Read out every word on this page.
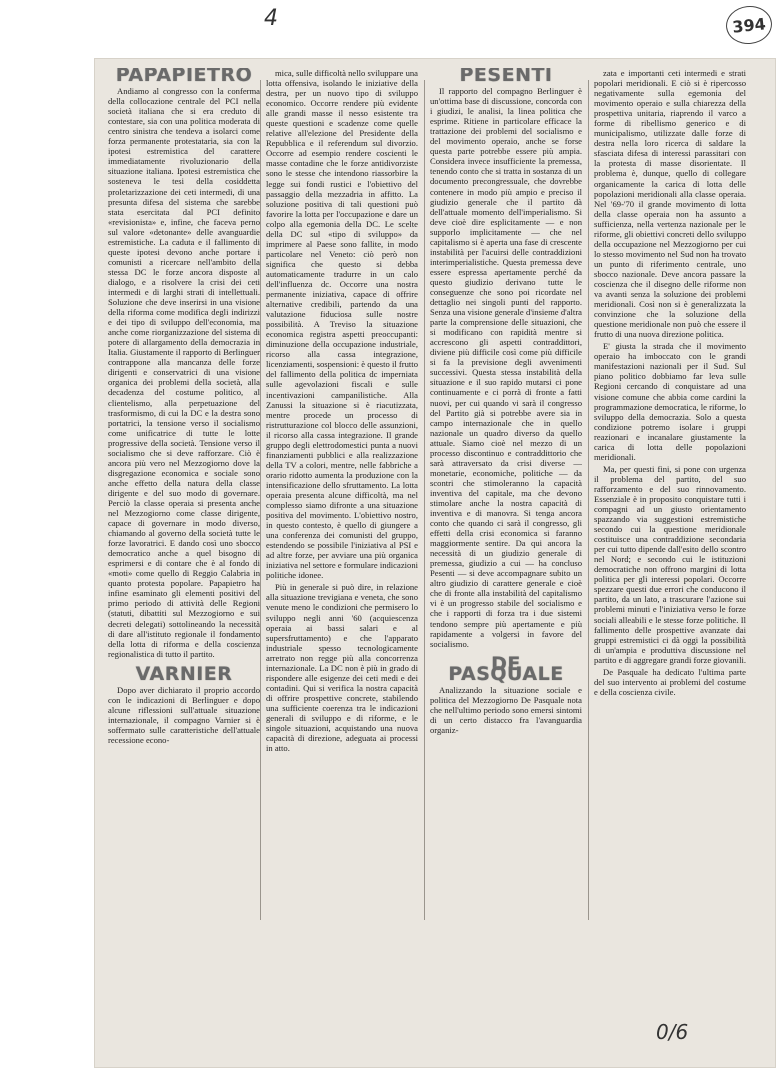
4	394
PAPAPIETRO

Andiamo al congresso con la conferma della collocazione centrale del PCI nella società italiana che si era creduto di contestare, sia con una politica moderata di centro sinistra che tendeva a isolarci come forza permanente protestataria, sia con la ipotesi estremistica del carattere immediatamente rivoluzionario della situazione italiana. Ipotesi estremistica che sosteneva le tesi della cosiddetta proletarizzazione dei ceti intermedi, di una presunta difesa del sistema che sarebbe stata esercitata dal PCI definito «revisionista» e, infine, che faceva perno sul valore «detonante» delle avanguardie estremistiche. La caduta e il fallimento di queste ipotesi devono anche portare i comunisti a ricercare nell'ambito della stessa DC le forze ancora disposte al dialogo, e a risolvere la crisi dei ceti intermedi e di larghi strati di intellettuali. Soluzione che deve inserirsi in una visione della riforma come modifica degli indirizzi e dei tipo di sviluppo dell'economia, ma anche come riorganizzazione del sistema di potere di allargamento della democrazia in Italia. Giustamente il rapporto di Berlinguer contrappone alla mancanza delle forze dirigenti e conservatrici di una visione organica dei problemi della società, alla decadenza del costume politico, al clientelismo, alla perpetuazione del trasformismo, di cui la DC e la destra sono portatrici, la tensione verso il socialismo come unificatrice di tutte le lotte progressive della società. Tensione verso il socialismo che si deve rafforzare. Ciò è ancora più vero nel Mezzogiorno dove la disgregazione economica e sociale sono anche effetto della natura della classe dirigente e del suo modo di governare. Perciò la classe operaia si presenta anche nel Mezzogiorno come classe dirigente, capace di governare in modo diverso, chiamando al governo della società tutte le forze lavoratrici. E dando così uno sbocco democratico anche a quel bisogno di esprimersi e di contare che è al fondo di «moti» come quello di Reggio Calabria in quanto protesta popolare. Papapietro ha infine esaminato gli elementi positivi del primo periodo di attività delle Regioni (statuti, dibattiti sul Mezzogiorno e sui decreti delegati) sottolineando la necessità di dare all'istituto regionale il fondamento della lotta di riforma e della coscienza regionalistica di tutto il partito.

VARNIER

Dopo aver dichiarato il proprio accordo con le indicazioni di Berlinguer e dopo alcune riflessioni sull'attuale situazione internazionale, il compagno Varnier si è soffermato sulle caratteristiche dell'attuale recessione econo-

mica, sulle difficoltà nello sviluppare una lotta offensiva, isolando le iniziative della destra, per un nuovo tipo di sviluppo economico. Occorre rendere più evidente alle grandi masse il nesso esistente tra queste questioni e scadenze come quelle relative all'elezione del Presidente della Repubblica e il referendum sul divorzio. Occorre ad esempio rendere coscienti le masse contadine che le forze antidivorziste sono le stesse che intendono riassorbire la legge sui fondi rustici e l'obiettivo del passaggio della mezzadria in affitto. La soluzione positiva di tali questioni può favorire la lotta per l'occupazione e dare un colpo alla egemonia della DC. Le scelte della DC sul «tipo di sviluppo» da imprimere al Paese sono fallite, in modo particolare nel Veneto: ciò però non significa che questo si debba automaticamente tradurre in un calo dell'influenza dc. Occorre una nostra permanente iniziativa, capace di offrire alternative credibili, partendo da una valutazione fiduciosa sulle nostre possibilità. A Treviso la situazione economica registra aspetti preoccupanti: diminuzione della occupazione industriale, ricorso alla cassa integrazione, licenziamenti, sospensioni: è questo il frutto del fallimento della politica dc imperniata sulle agevolazioni fiscali e sulle incentivazioni campanilistiche. Alla Zanussi la situazione si è riacutizzata, mentre procede un processo di ristrutturazione col blocco delle assunzioni, il ricorso alla cassa integrazione. Il grande gruppo degli elettrodomestici punta a nuovi finanziamenti pubblici e alla realizzazione della TV a colori, mentre, nelle fabbriche a orario ridotto aumenta la produzione con la intensificazione dello sfruttamento. La lotta operaia presenta alcune difficoltà, ma nel complesso siamo difronte a una situazione positiva del movimento. L'obiettivo nostro, in questo contesto, è quello di giungere a una conferenza dei comunisti del gruppo, estendendo se possibile l'iniziativa al PSI e ad altre forze, per avviare una più organica iniziativa nel settore e formulare indicazioni politiche idonee.

Più in generale si può dire, in relazione alla situazione trevigiana e veneta, che sono venute meno le condizioni che permisero lo sviluppo negli anni '60 (acquiescenza operaia ai bassi salari e al supersfruttamento) e che l'apparato industriale spesso tecnologicamente arretrato non regge più alla concorrenza internazionale. La DC non è più in grado di rispondere alle esigenze dei ceti medi e dei contadini. Qui si verifica la nostra capacità di offrire prospettive concrete, stabilendo una sufficiente coerenza tra le indicazioni generali di sviluppo e di riforme, e le singole situazioni, acquistando una nuova capacità di direzione, adeguata ai processi in atto.

PESENTI

Il rapporto del compagno Berlinguer è un'ottima base di discussione, concorda con i giudizi, le analisi, la linea politica che esprime. Ritiene in particolare efficace la trattazione dei problemi del socialismo e del movimento operaio, anche se forse questa parte potrebbe essere più ampia. Considera invece insufficiente la premessa, tenendo conto che si tratta in sostanza di un documento precongressuale, che dovrebbe contenere in modo più ampio e preciso il giudizio generale che il partito dà dell'attuale momento dell'imperialismo. Si deve cioè dire esplicitamente — e non supporlo implicitamente — che nel capitalismo si è aperta una fase di crescente instabilità per l'acuirsi delle contraddizioni interimperialistiche. Questa premessa deve essere espressa apertamente perché da questo giudizio derivano tutte le conseguenze che sono poi ricordate nel dettaglio nei singoli punti del rapporto. Senza una visione generale d'insieme d'altra parte la comprensione delle situazioni, che si modificano con rapidità mentre si accrescono gli aspetti contraddittori, diviene più difficile così come più difficile si fa la previsione degli avvenimenti successivi. Questa stessa instabilità della situazione e il suo rapido mutarsi ci pone continuamente e ci porrà di fronte a fatti nuovi, per cui quando vi sarà il congresso del Partito già si potrebbe avere sia in campo internazionale che in quello nazionale un quadro diverso da quello attuale. Siamo cioè nel mezzo di un processo discontinuo e contraddittorio che sarà attraversato da crisi diverse — monetarie, economiche, politiche — da scontri che stimoleranno la capacità inventiva del capitale, ma che devono stimolare anche la nostra capacità di inventiva e di manovra. Si tenga ancora conto che quando ci sarà il congresso, gli effetti della crisi economica si faranno maggiormente sentire. Da qui ancora la necessità di un giudizio generale di premessa, giudizio a cui — ha concluso Pesenti — si deve accompagnare subito un altro giudizio di carattere generale e cioè che di fronte alla instabilità del capitalismo vi è un progresso stabile del socialismo e che i rapporti di forza tra i due sistemi tendono sempre più apertamente e più rapidamente a volgersi in favore del socialismo.

DE PASQUALE

Analizzando la situazione sociale e politica del Mezzogiorno De Pasquale nota che nell'ultimo periodo sono emersi sintomi di un certo distacco fra l'avanguardia organiz-

zata e importanti ceti intermedi e strati popolari meridionali. E ciò si è ripercosso negativamente sulla egemonia del movimento operaio e sulla chiarezza della prospettiva unitaria, riaprendo il varco a forme di ribellismo generico e di municipalismo, utilizzate dalle forze di destra nella loro ricerca di saldare la sfasciata difesa di interessi parassitari con la protesta di masse disorientate. Il problema è, dunque, quello di collegare organicamente la carica di lotta delle popolazioni meridionali alla classe operaia. Nel '69-'70 il grande movimento di lotta della classe operaia non ha assunto a sufficienza, nella vertenza nazionale per le riforme, gli obiettivi concreti dello sviluppo della occupazione nel Mezzogiorno per cui lo stesso movimento nel Sud non ha trovato un punto di riferimento centrale, uno sbocco nazionale. Deve ancora passare la coscienza che il disegno delle riforme non va avanti senza la soluzione dei problemi meridionali. Così non si è generalizzata la convinzione che la soluzione della questione meridionale non può che essere il frutto di una nuova direzione politica.

E' giusta la strada che il movimento operaio ha imboccato con le grandi manifestazioni nazionali per il Sud. Sul piano politico dobbiamo far leva sulle Regioni cercando di conquistare ad una visione comune che abbia come cardini la programmazione democratica, le riforme, lo sviluppo della democrazia. Solo a questa condizione potremo isolare i gruppi reazionari e incanalare giustamente la carica di lotta delle popolazioni meridionali.

Ma, per questi fini, si pone con urgenza il problema del partito, del suo rafforzamento e del suo rinnovamento. Essenziale è in proposito conquistare tutti i compagni ad un giusto orientamento spazzando via suggestioni estremistiche secondo cui la questione meridionale costituisce una contraddizione secondaria per cui tutto dipende dall'esito dello scontro nel Nord; e secondo cui le istituzioni democratiche non offrono margini di lotta politica per gli interessi popolari. Occorre spezzare questi due errori che conducono il partito, da un lato, a trascurare l'azione sui problemi minuti e l'iniziativa verso le forze sociali alleabili e le stesse forze politiche. Il fallimento delle prospettive avanzate dai gruppi estremistici ci dà oggi la possibilità di un'ampia e produttiva discussione nel partito e di aggregare grandi forze giovanili.

De Pasquale ha dedicato l'ultima parte del suo intervento ai problemi del costume e della coscienza civile.

0/6
